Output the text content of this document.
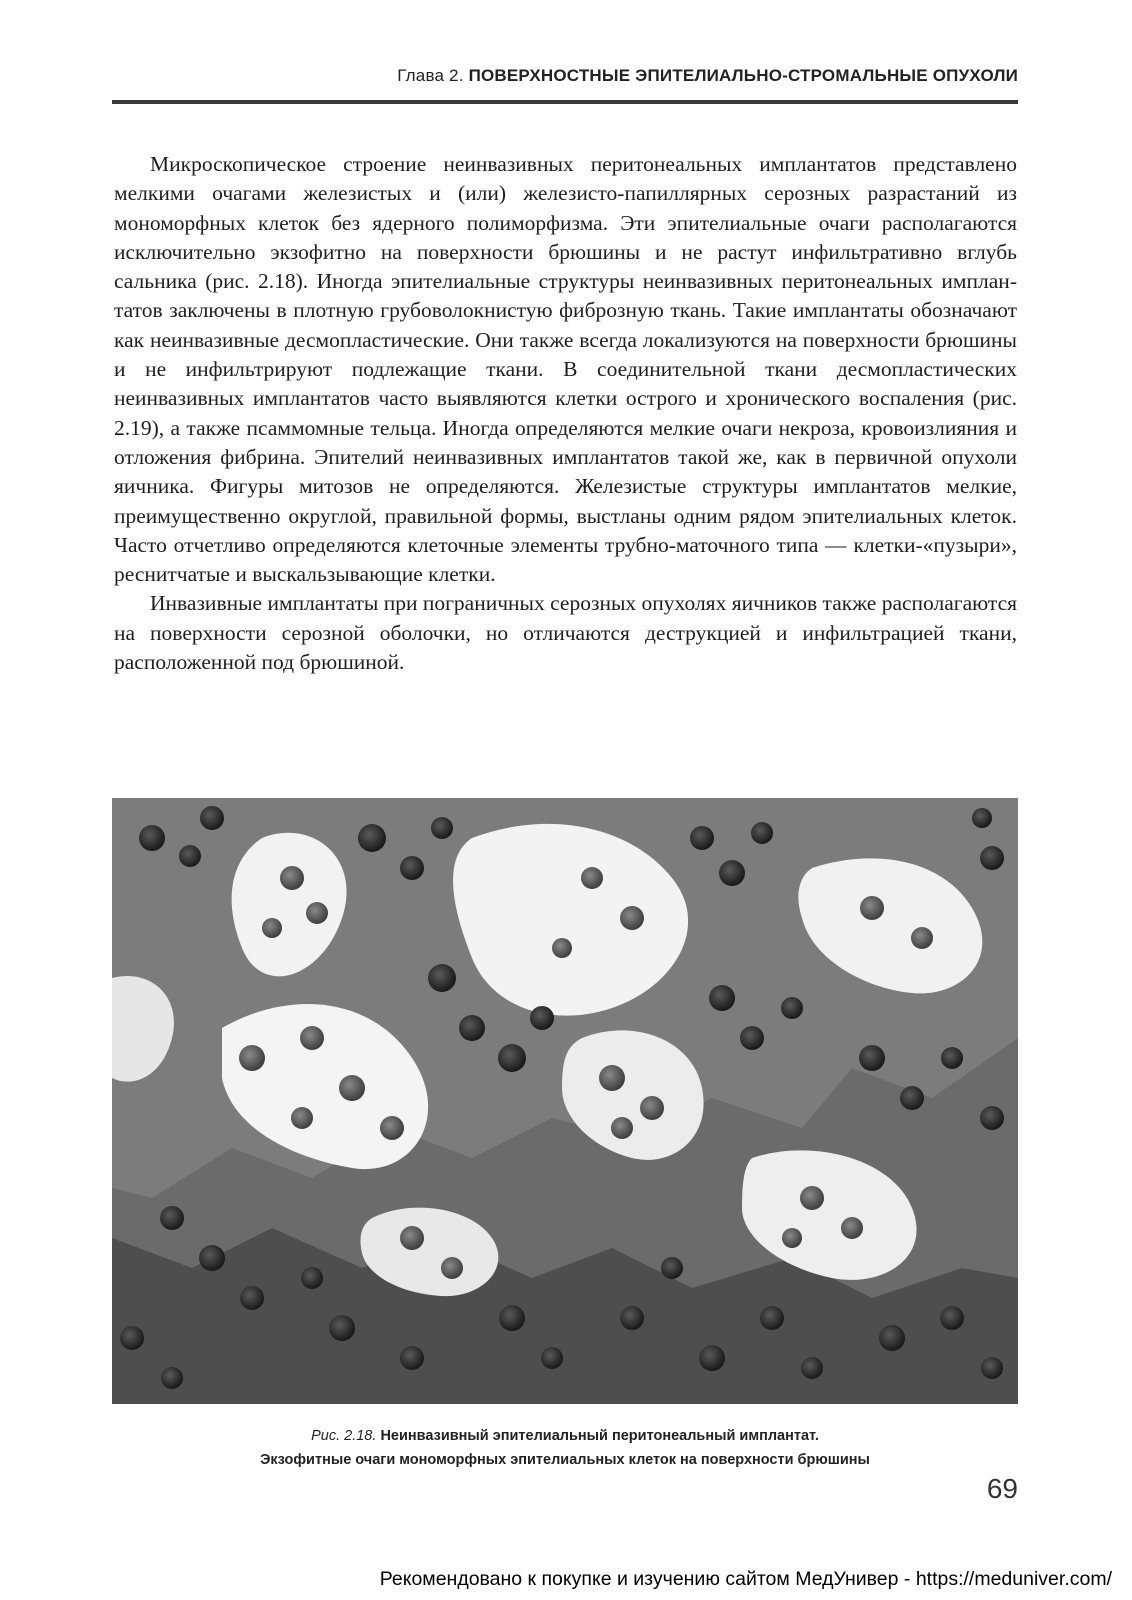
Глава 2. ПОВЕРХНОСТНЫЕ ЭПИТЕЛИАЛЬНО-СТРОМАЛЬНЫЕ ОПУХОЛИ

Микроскопическое строение неинвазивных перитонеальных имплантатов представлено мелкими очагами железистых и (или) железисто-папиллярных серозных разрастаний из мономорфных клеток без ядерного полиморфизма. Эти эпителиальные очаги располагаются исключительно экзофитно на поверхности брюшины и не растут инфильтративно вглубь сальника (рис. 2.18). Иногда эпителиальные структуры неинвазивных перитонеальных имплантатов заключены в плотную грубоволокнистую фиброзную ткань. Такие имплантаты обозначают как неинвазивные десмопластические. Они также всегда локализуются на поверхности брюшины и не инфильтрируют подлежащие ткани. В соединительной ткани десмопластических неинвазивных имплантатов часто выявляются клетки острого и хронического воспаления (рис. 2.19), а также псаммомные тельца. Иногда определяются мелкие очаги некроза, кровоизлияния и отложения фибрина. Эпителий неинвазивных имплантатов такой же, как в первичной опухоли яичника. Фигуры митозов не определяются. Железистые структуры имплантатов мелкие, преимущественно округлой, правильной формы, выстланы одним рядом эпителиальных клеток. Часто отчетливо определяются клеточные элементы трубно-маточного типа — клетки-«пузыри», реснитчатые и выскальзывающие клетки.

Инвазивные имплантаты при пограничных серозных опухолях яичников также располагаются на поверхности серозной оболочки, но отличаются деструкцией и инфильтрацией ткани, расположенной под брюшиной.

Рис. 2.18. Неинвазивный эпителиальный перитонеальный имплантат.
Экзофитные очаги мономорфных эпителиальных клеток на поверхности брюшины
69
Рекомендовано к покупке и изучению сайтом МедУнивер - https://meduniver.com/
